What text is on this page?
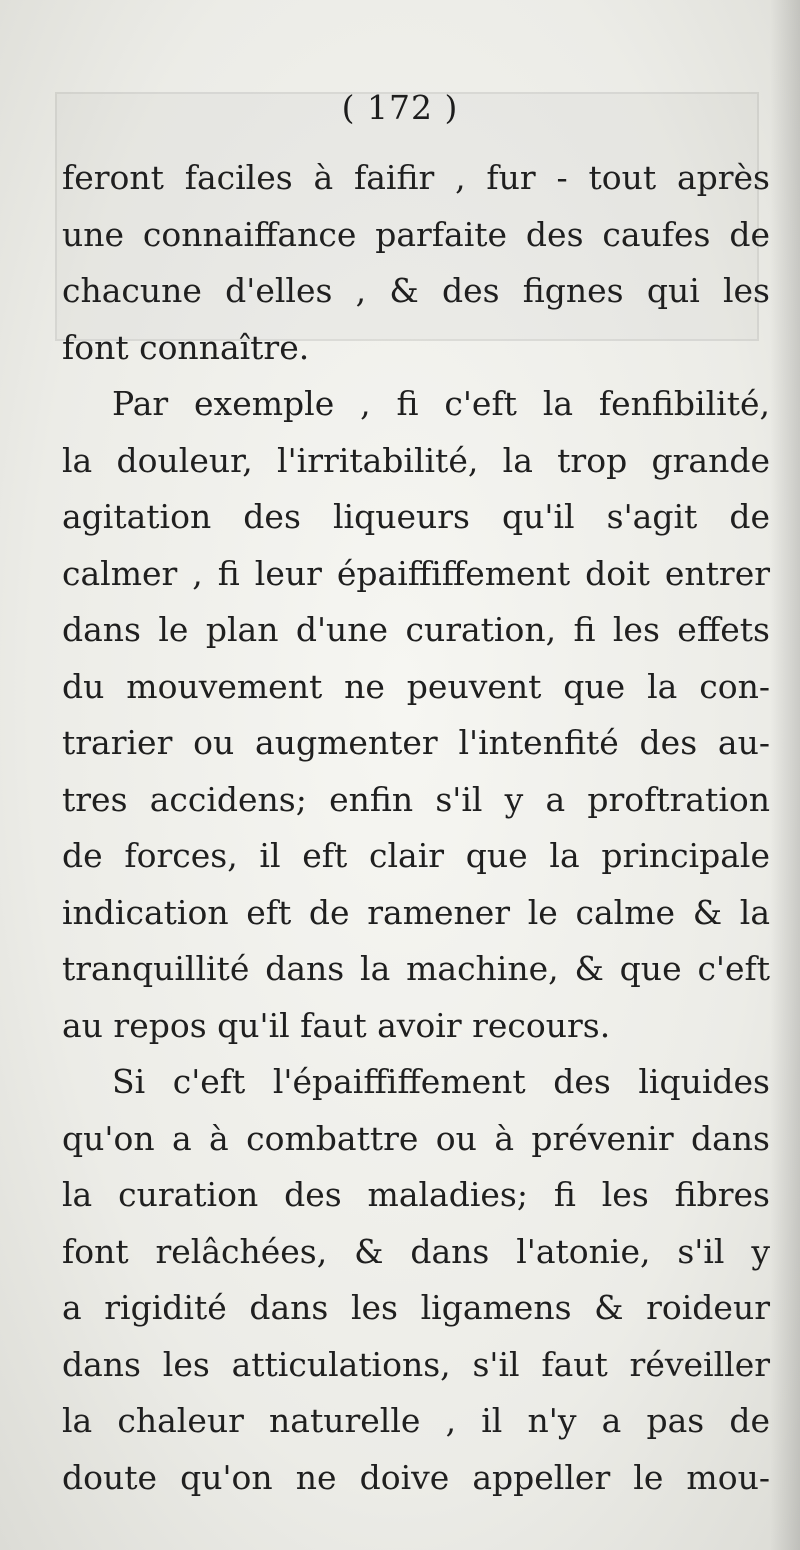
( 172 )
feront faciles à faifir , fur - tout après
une connaiffance parfaite des caufes de
chacune d'elles , & des fignes qui les
font connaître.
Par exemple , fi c'eft la fenfibilité,
la douleur, l'irritabilité, la trop grande
agitation des liqueurs qu'il s'agit de
calmer , fi leur épaiffiffement doit entrer
dans le plan d'une curation, fi les effets
du mouvement ne peuvent que la con-
trarier ou augmenter l'intenfité des au-
tres accidens; enfin s'il y a proftration
de forces, il eft clair que la principale
indication eft de ramener le calme & la
tranquillité dans la machine, & que c'eft
au repos qu'il faut avoir recours.
Si c'eft l'épaiffiffement des liquides
qu'on a à combattre ou à prévenir dans
la curation des maladies; fi les fibres
font relâchées, & dans l'atonie, s'il y
a rigidité dans les ligamens & roideur
dans les atticulations, s'il faut réveiller
la chaleur naturelle , il n'y a pas de
doute qu'on ne doive appeller le mou-
